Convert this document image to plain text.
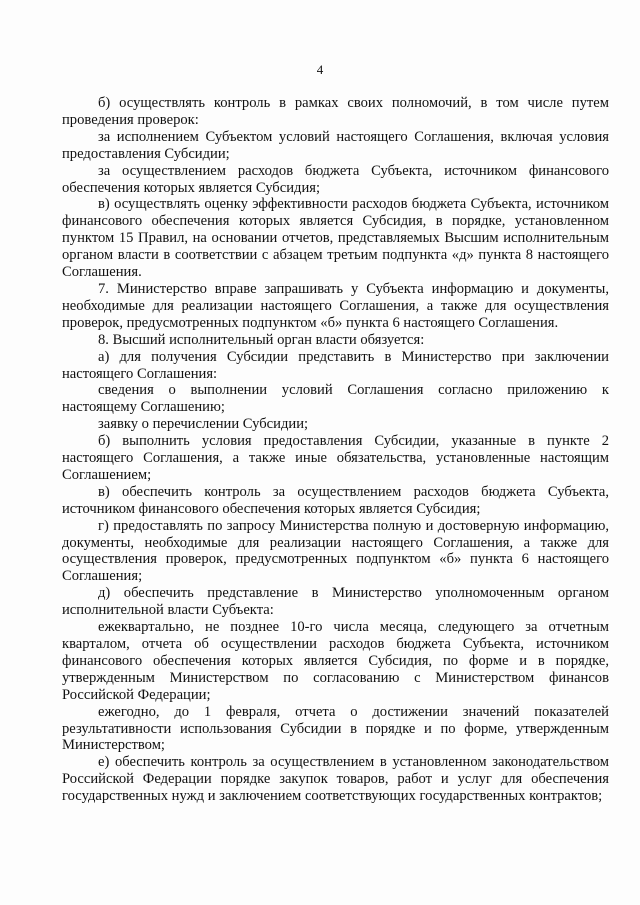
4

б) осуществлять контроль в рамках своих полномочий, в том числе путем проведения проверок:

за исполнением Субъектом условий настоящего Соглашения, включая условия предоставления Субсидии;

за осуществлением расходов бюджета Субъекта, источником финансового обеспечения которых является Субсидия;

в) осуществлять оценку эффективности расходов бюджета Субъекта, источником финансового обеспечения которых является Субсидия, в порядке, установленном пунктом 15 Правил, на основании отчетов, представляемых Высшим исполнительным органом власти в соответствии с абзацем третьим подпункта «д» пункта 8 настоящего Соглашения.

7. Министерство вправе запрашивать у Субъекта информацию и документы, необходимые для реализации настоящего Соглашения, а также для осуществления проверок, предусмотренных подпунктом «б» пункта 6 настоящего Соглашения.

8. Высший исполнительный орган власти обязуется:

а) для получения Субсидии представить в Министерство при заключении настоящего Соглашения:

сведения о выполнении условий Соглашения согласно приложению к настоящему Соглашению;

заявку о перечислении Субсидии;

б) выполнить условия предоставления Субсидии, указанные в пункте 2 настоящего Соглашения, а также иные обязательства, установленные настоящим Соглашением;

в) обеспечить контроль за осуществлением расходов бюджета Субъекта, источником финансового обеспечения которых является Субсидия;

г) предоставлять по запросу Министерства полную и достоверную информацию, документы, необходимые для реализации настоящего Соглашения, а также для осуществления проверок, предусмотренных подпунктом «б» пункта 6 настоящего Соглашения;

д) обеспечить представление в Министерство уполномоченным органом исполнительной власти Субъекта:

ежеквартально, не позднее 10-го числа месяца, следующего за отчетным кварталом, отчета об осуществлении расходов бюджета Субъекта, источником финансового обеспечения которых является Субсидия, по форме и в порядке, утвержденным Министерством по согласованию с Министерством финансов Российской Федерации;

ежегодно, до 1 февраля, отчета о достижении значений показателей результативности использования Субсидии в порядке и по форме, утвержденным Министерством;

е) обеспечить контроль за осуществлением в установленном законодательством Российской Федерации порядке закупок товаров, работ и услуг для обеспечения государственных нужд и заключением соответствующих государственных контрактов;
